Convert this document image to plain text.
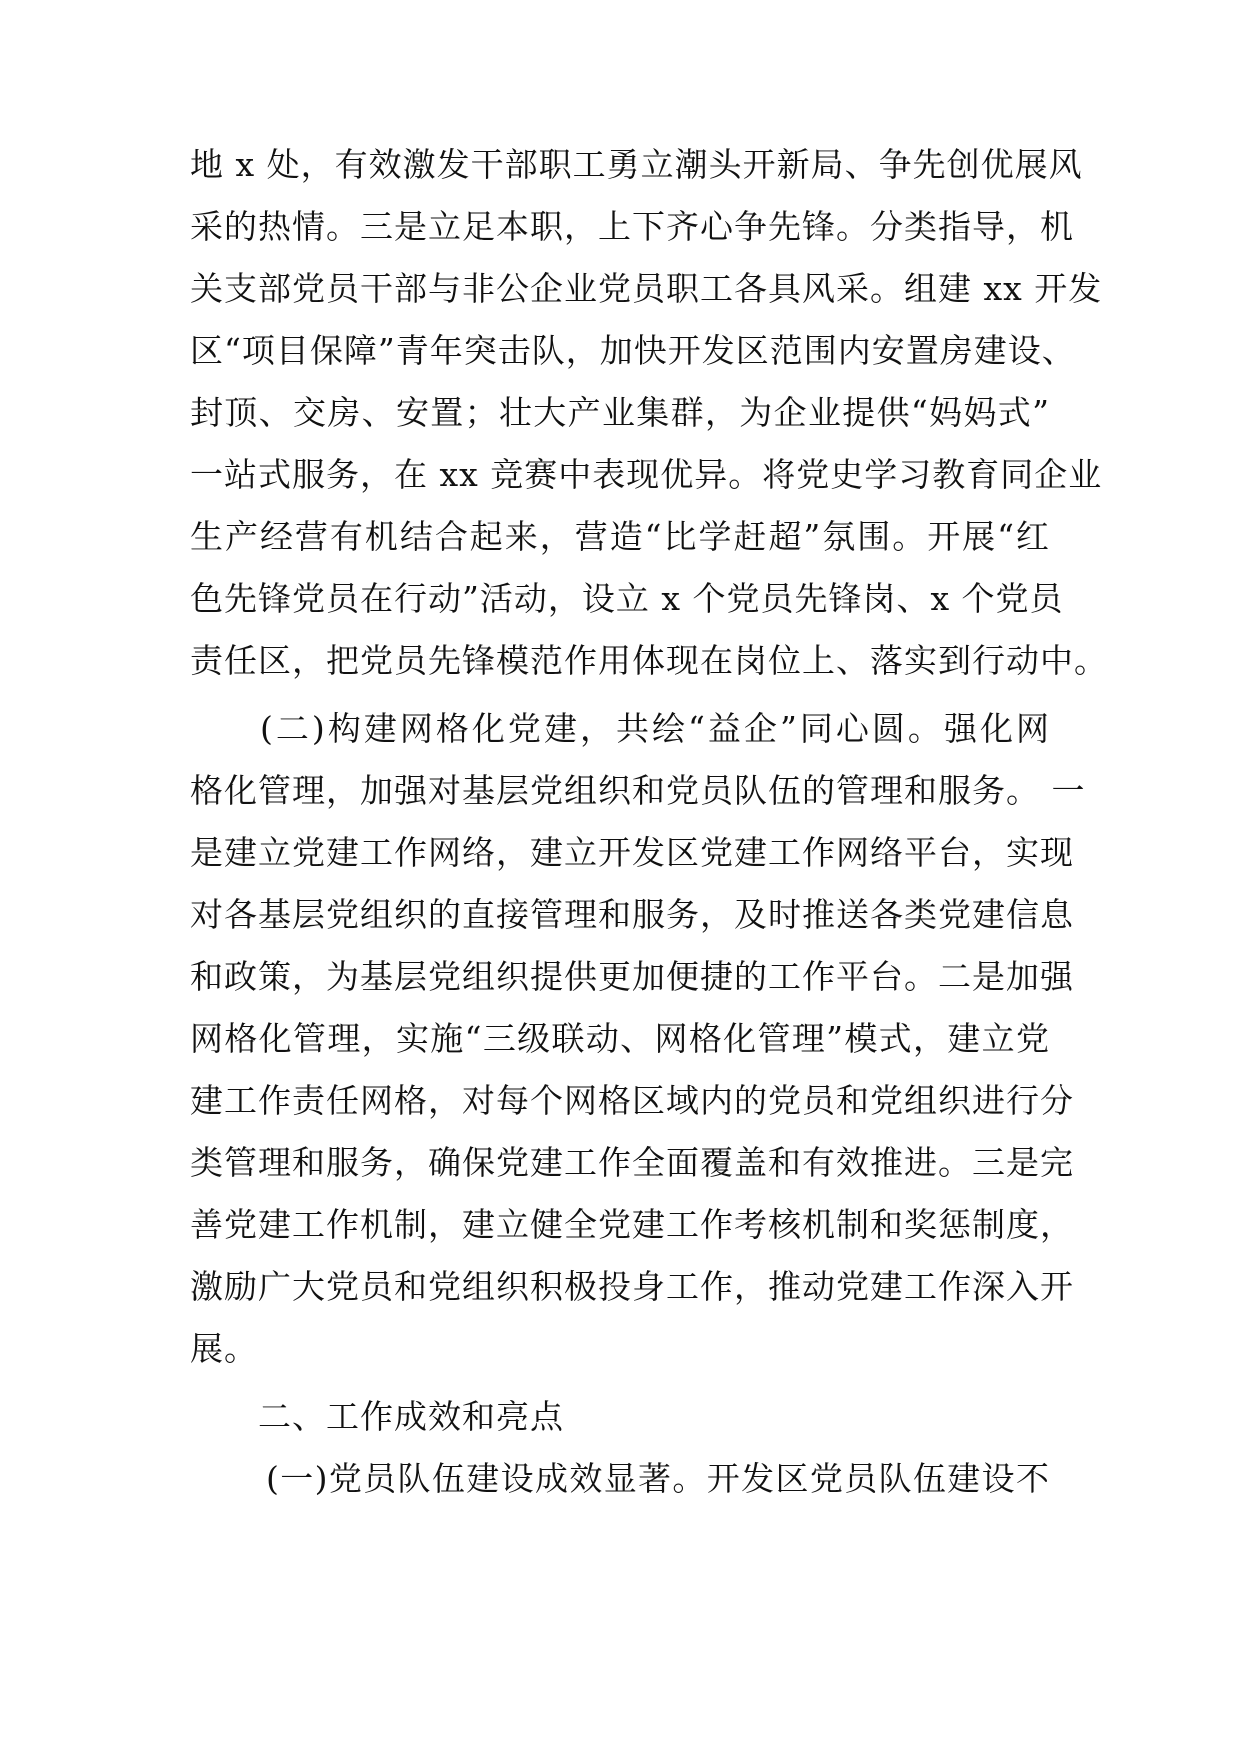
地 x 处，有效激发干部职工勇立潮头开新局、争先创优展风
采的热情。三是立足本职，上下齐心争先锋。分类指导，机
关支部党员干部与非公企业党员职工各具风采。组建 xx 开发
区“项目保障”青年突击队，加快开发区范围内安置房建设、
封顶、交房、安置；壮大产业集群，为企业提供“妈妈式”
一站式服务，在 xx 竞赛中表现优异。将党史学习教育同企业
生产经营有机结合起来，营造“比学赶超”氛围。开展“红
色先锋党员在行动”活动，设立 x 个党员先锋岗、x 个党员
责任区，把党员先锋模范作用体现在岗位上、落实到行动中。
(二)构建网格化党建，共绘“益企”同心圆。强化网
格化管理，加强对基层党组织和党员队伍的管理和服务。 一
是建立党建工作网络，建立开发区党建工作网络平台，实现
对各基层党组织的直接管理和服务，及时推送各类党建信息
和政策，为基层党组织提供更加便捷的工作平台。二是加强
网格化管理，实施“三级联动、网格化管理”模式，建立党
建工作责任网格，对每个网格区域内的党员和党组织进行分
类管理和服务，确保党建工作全面覆盖和有效推进。三是完
善党建工作机制，建立健全党建工作考核机制和奖惩制度，
激励广大党员和党组织积极投身工作，推动党建工作深入开
展。
二、工作成效和亮点
(一)党员队伍建设成效显著。开发区党员队伍建设不
